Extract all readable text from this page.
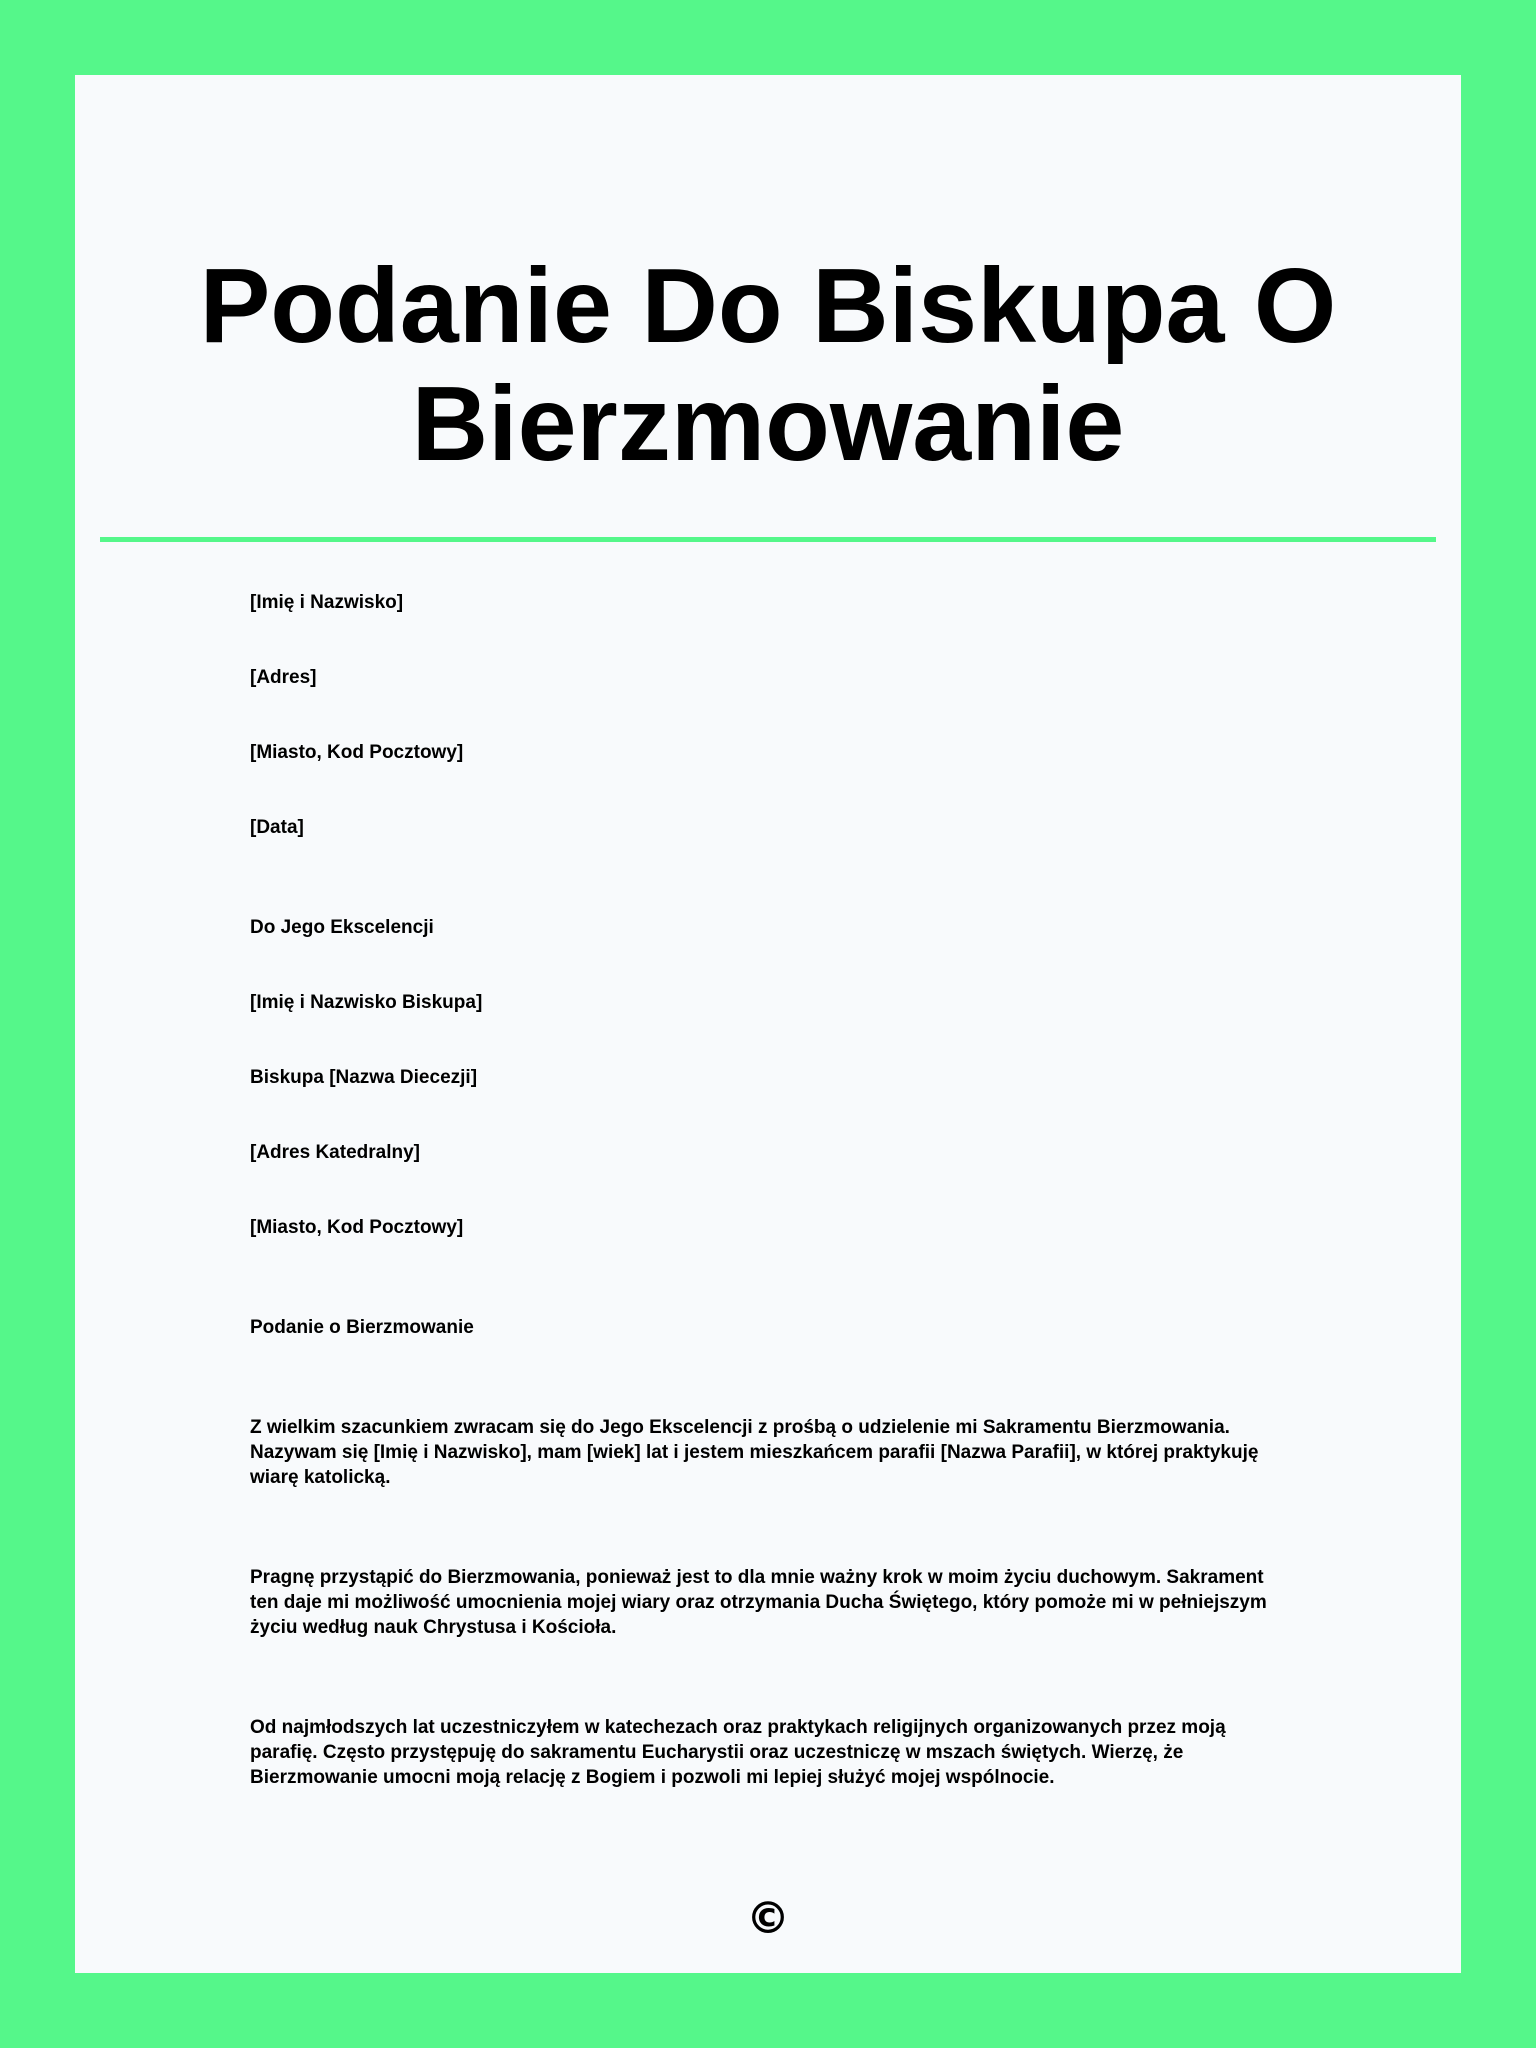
Podanie Do Biskupa O Bierzmowanie

[Imię i Nazwisko]

[Adres]

[Miasto, Kod Pocztowy]

[Data]

Do Jego Ekscelencji

[Imię i Nazwisko Biskupa]

Biskupa [Nazwa Diecezji]

[Adres Katedralny]

[Miasto, Kod Pocztowy]

Podanie o Bierzmowanie

Z wielkim szacunkiem zwracam się do Jego Ekscelencji z prośbą o udzielenie mi Sakramentu Bierzmowania. Nazywam się [Imię i Nazwisko], mam [wiek] lat i jestem mieszkańcem parafii [Nazwa Parafii], w której praktykuję wiarę katolicką.

Pragnę przystąpić do Bierzmowania, ponieważ jest to dla mnie ważny krok w moim życiu duchowym. Sakrament ten daje mi możliwość umocnienia mojej wiary oraz otrzymania Ducha Świętego, który pomoże mi w pełniejszym życiu według nauk Chrystusa i Kościoła.

Od najmłodszych lat uczestniczyłem w katechezach oraz praktykach religijnych organizowanych przez moją parafię. Często przystępuję do sakramentu Eucharystii oraz uczestniczę w mszach świętych. Wierzę, że Bierzmowanie umocni moją relację z Bogiem i pozwoli mi lepiej służyć mojej wspólnocie.

©
